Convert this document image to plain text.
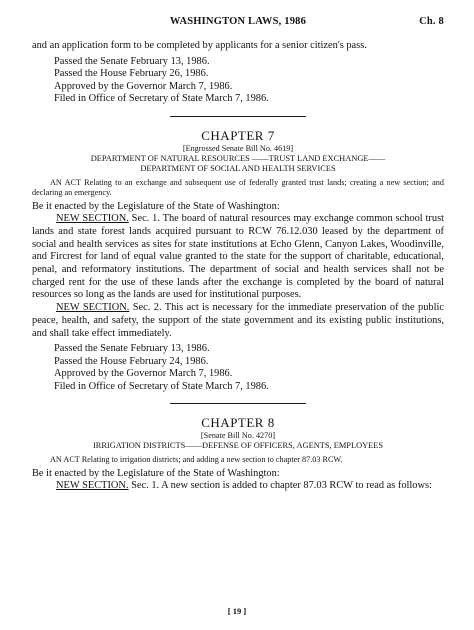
WASHINGTON LAWS, 1986	Ch. 8

and an application form to be completed by applicants for a senior citizen's pass.

Passed the Senate February 13, 1986.
Passed the House February 26, 1986.
Approved by the Governor March 7, 1986.
Filed in Office of Secretary of State March 7, 1986.
CHAPTER 7
[Engrossed Senate Bill No. 4619]
DEPARTMENT OF NATURAL RESOURCES ——TRUST LAND EXCHANGE——
DEPARTMENT OF SOCIAL AND HEALTH SERVICES

AN ACT Relating to an exchange and subsequent use of federally granted trust lands; creating a new section; and declaring an emergency.

Be it enacted by the Legislature of the State of Washington:

NEW SECTION. Sec. 1. The board of natural resources may exchange common school trust lands and state forest lands acquired pursuant to RCW 76.12.030 leased by the department of social and health services as sites for state institutions at Echo Glenn, Canyon Lakes, Woodinville, and Fircrest for land of equal value granted to the state for the support of charitable, educational, penal, and reformatory institutions. The department of social and health services shall not be charged rent for the use of these lands after the exchange is completed by the board of natural resources so long as the lands are used for institutional purposes.

NEW SECTION. Sec. 2. This act is necessary for the immediate preservation of the public peace, health, and safety, the support of the state government and its existing public institutions, and shall take effect immediately.

Passed the Senate February 13, 1986.
Passed the House February 24, 1986.
Approved by the Governor March 7, 1986.
Filed in Office of Secretary of State March 7, 1986.
CHAPTER 8
[Senate Bill No. 4270]
IRRIGATION DISTRICTS——DEFENSE OF OFFICERS, AGENTS, EMPLOYEES

AN ACT Relating to irrigation districts; and adding a new section to chapter 87.03 RCW.

Be it enacted by the Legislature of the State of Washington:

NEW SECTION. Sec. 1. A new section is added to chapter 87.03 RCW to read as follows:

[ 19 ]
